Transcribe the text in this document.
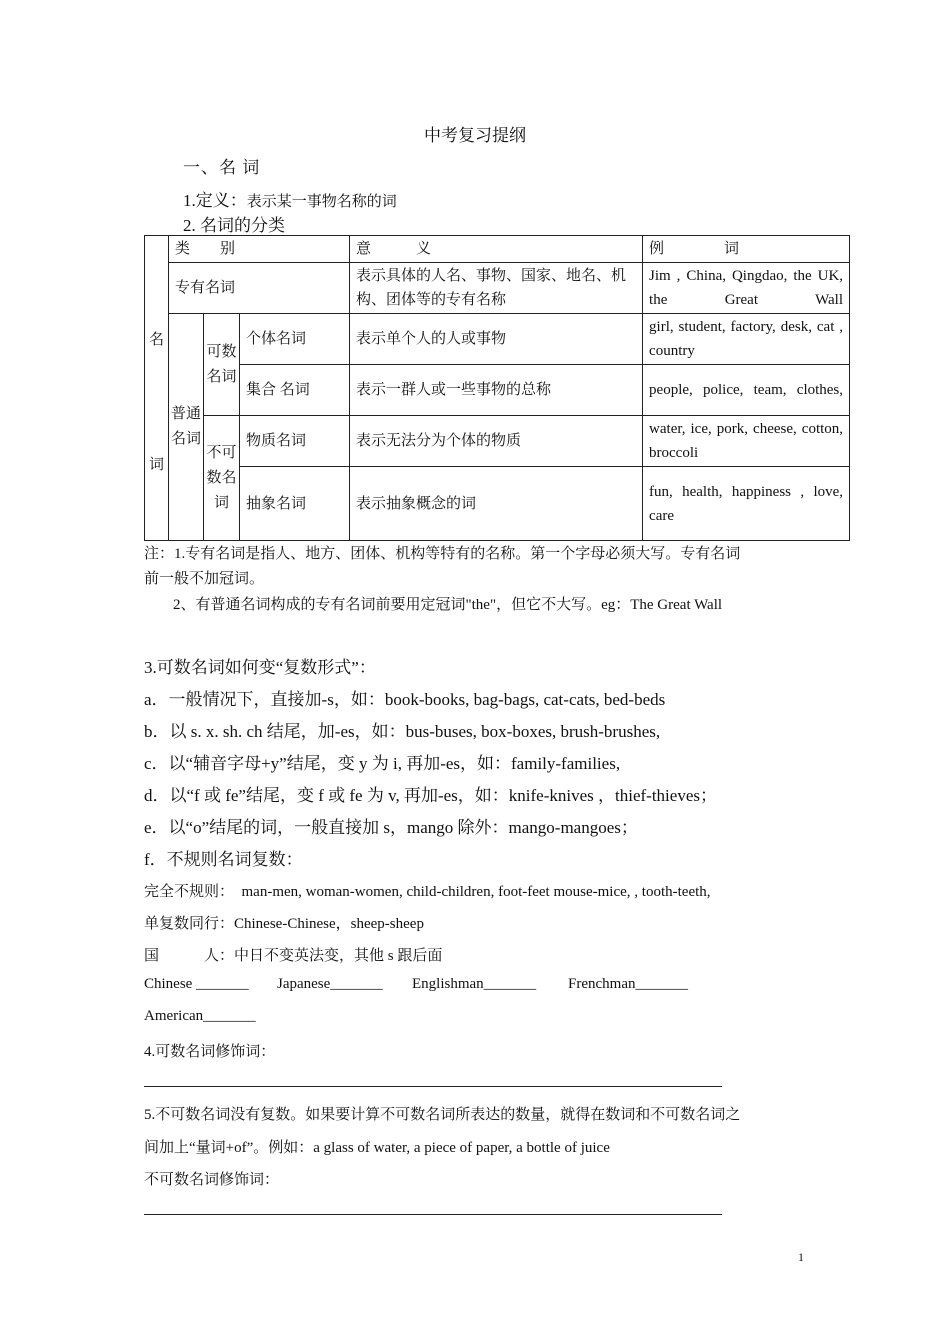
中考复习提纲
一、名 词
1.定义：表示某一事物名称的词
2. 名词的分类
名
词	类　　别			意　　　义	例　　　　词
	专有名词			表示具体的人名、事物、国家、地名、机构、团体等的专有名称	Jim , China, Qingdao, the UK,　the Great Wall
	普通名词	可数名词	个体名词	表示单个人的人或事物	girl, student, factory, desk, cat , country
			集合 名词	表示一群人或一些事物的总称	people, police, team, clothes,
		不可数名词	物质名词	表示无法分为个体的物质	water, ice, pork, cheese, cotton, broccoli
			抽象名词	表示抽象概念的词	fun, health, happiness , love, care
注：1.专有名词是指人、地方、团体、机构等特有的名称。第一个字母必须大写。专有名词
前一般不加冠词。
2、有普通名词构成的专有名词前要用定冠词"the"，但它不大写。eg：The Great Wall
3.可数名词如何变“复数形式”：
a．一般情况下，直接加-s，如：book-books, bag-bags, cat-cats, bed-beds
b．以 s. x. sh. ch 结尾，加-es，如：bus-buses, box-boxes, brush-brushes,
c．以“辅音字母+y”结尾，变 y 为 i, 再加-es，如：family-families,
d．以“f 或 fe”结尾，变 f 或 fe 为 v, 再加-es，如：knife-knives ，thief-thieves；
e．以“o”结尾的词，一般直接加 s，mango 除外：mango-mangoes；
f．不规则名词复数：
完全不规则：　man-men, woman-women, child-children, foot-feet mouse-mice, , tooth-teeth,
单复数同行：Chinese-Chinese，sheep-sheep
国　　　人：中日不变英法变，其他 s 跟后面
Chinese _______ Japanese_______ Englishman_______ Frenchman_______
American_______
4.可数名词修饰词：
5.不可数名词没有复数。如果要计算不可数名词所表达的数量，就得在数词和不可数名词之
间加上“量词+of”。例如：a glass of water, a piece of paper, a bottle of juice
不可数名词修饰词：
1
